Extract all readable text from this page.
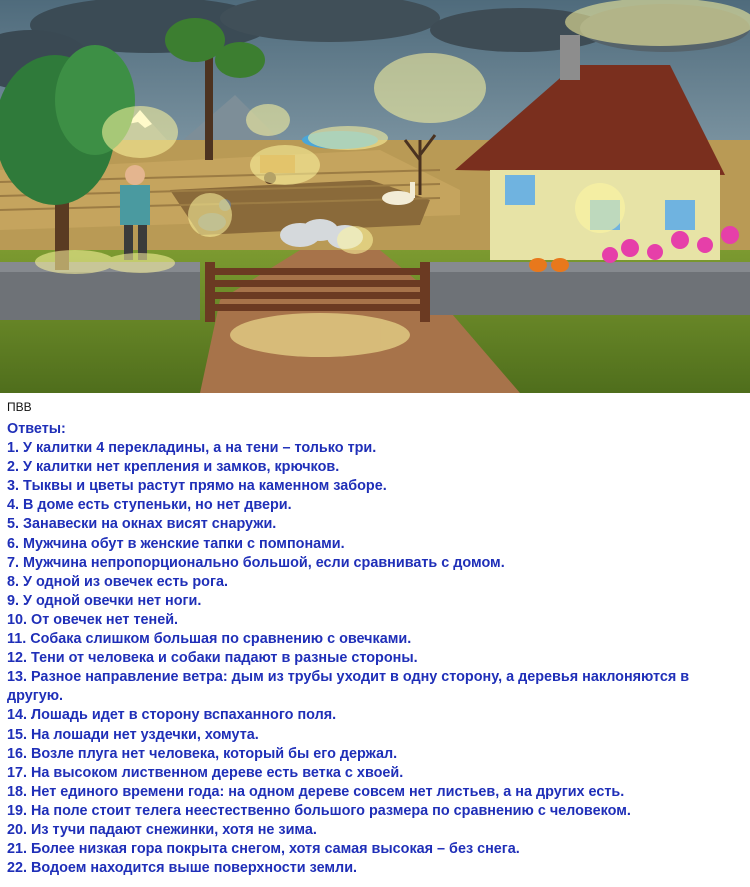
ПВВ
Ответы:
1. У калитки 4 перекладины, а на тени – только три.
2. У калитки нет крепления и замков, крючков.
3. Тыквы и цветы растут прямо на каменном заборе.
4. В доме есть ступеньки, но нет двери.
5. Занавески на окнах висят снаружи.
6. Мужчина обут в женские тапки с помпонами.
7. Мужчина непропорционально большой, если сравнивать с домом.
8. У одной из овечек есть рога.
9. У одной овечки нет ноги.
10. От овечек нет теней.
11. Собака слишком большая по сравнению с овечками.
12. Тени от человека и собаки падают в разные стороны.
13. Разное направление ветра: дым из трубы уходит в одну сторону, а деревья наклоняются в другую.
14. Лошадь идет в сторону вспаханного поля.
15. На лошади нет уздечки, хомута.
16. Возле плуга нет человека, который бы его держал.
17. На высоком лиственном дереве есть ветка с хвоей.
18. Нет единого времени года: на одном дереве совсем нет листьев, а на других есть.
19. На поле стоит телега неестественно большого размера по сравнению с человеком.
20. Из тучи падают снежинки, хотя не зима.
21. Более низкая гора покрыта снегом, хотя самая высокая – без снега.
22. Водоем находится выше поверхности земли.
